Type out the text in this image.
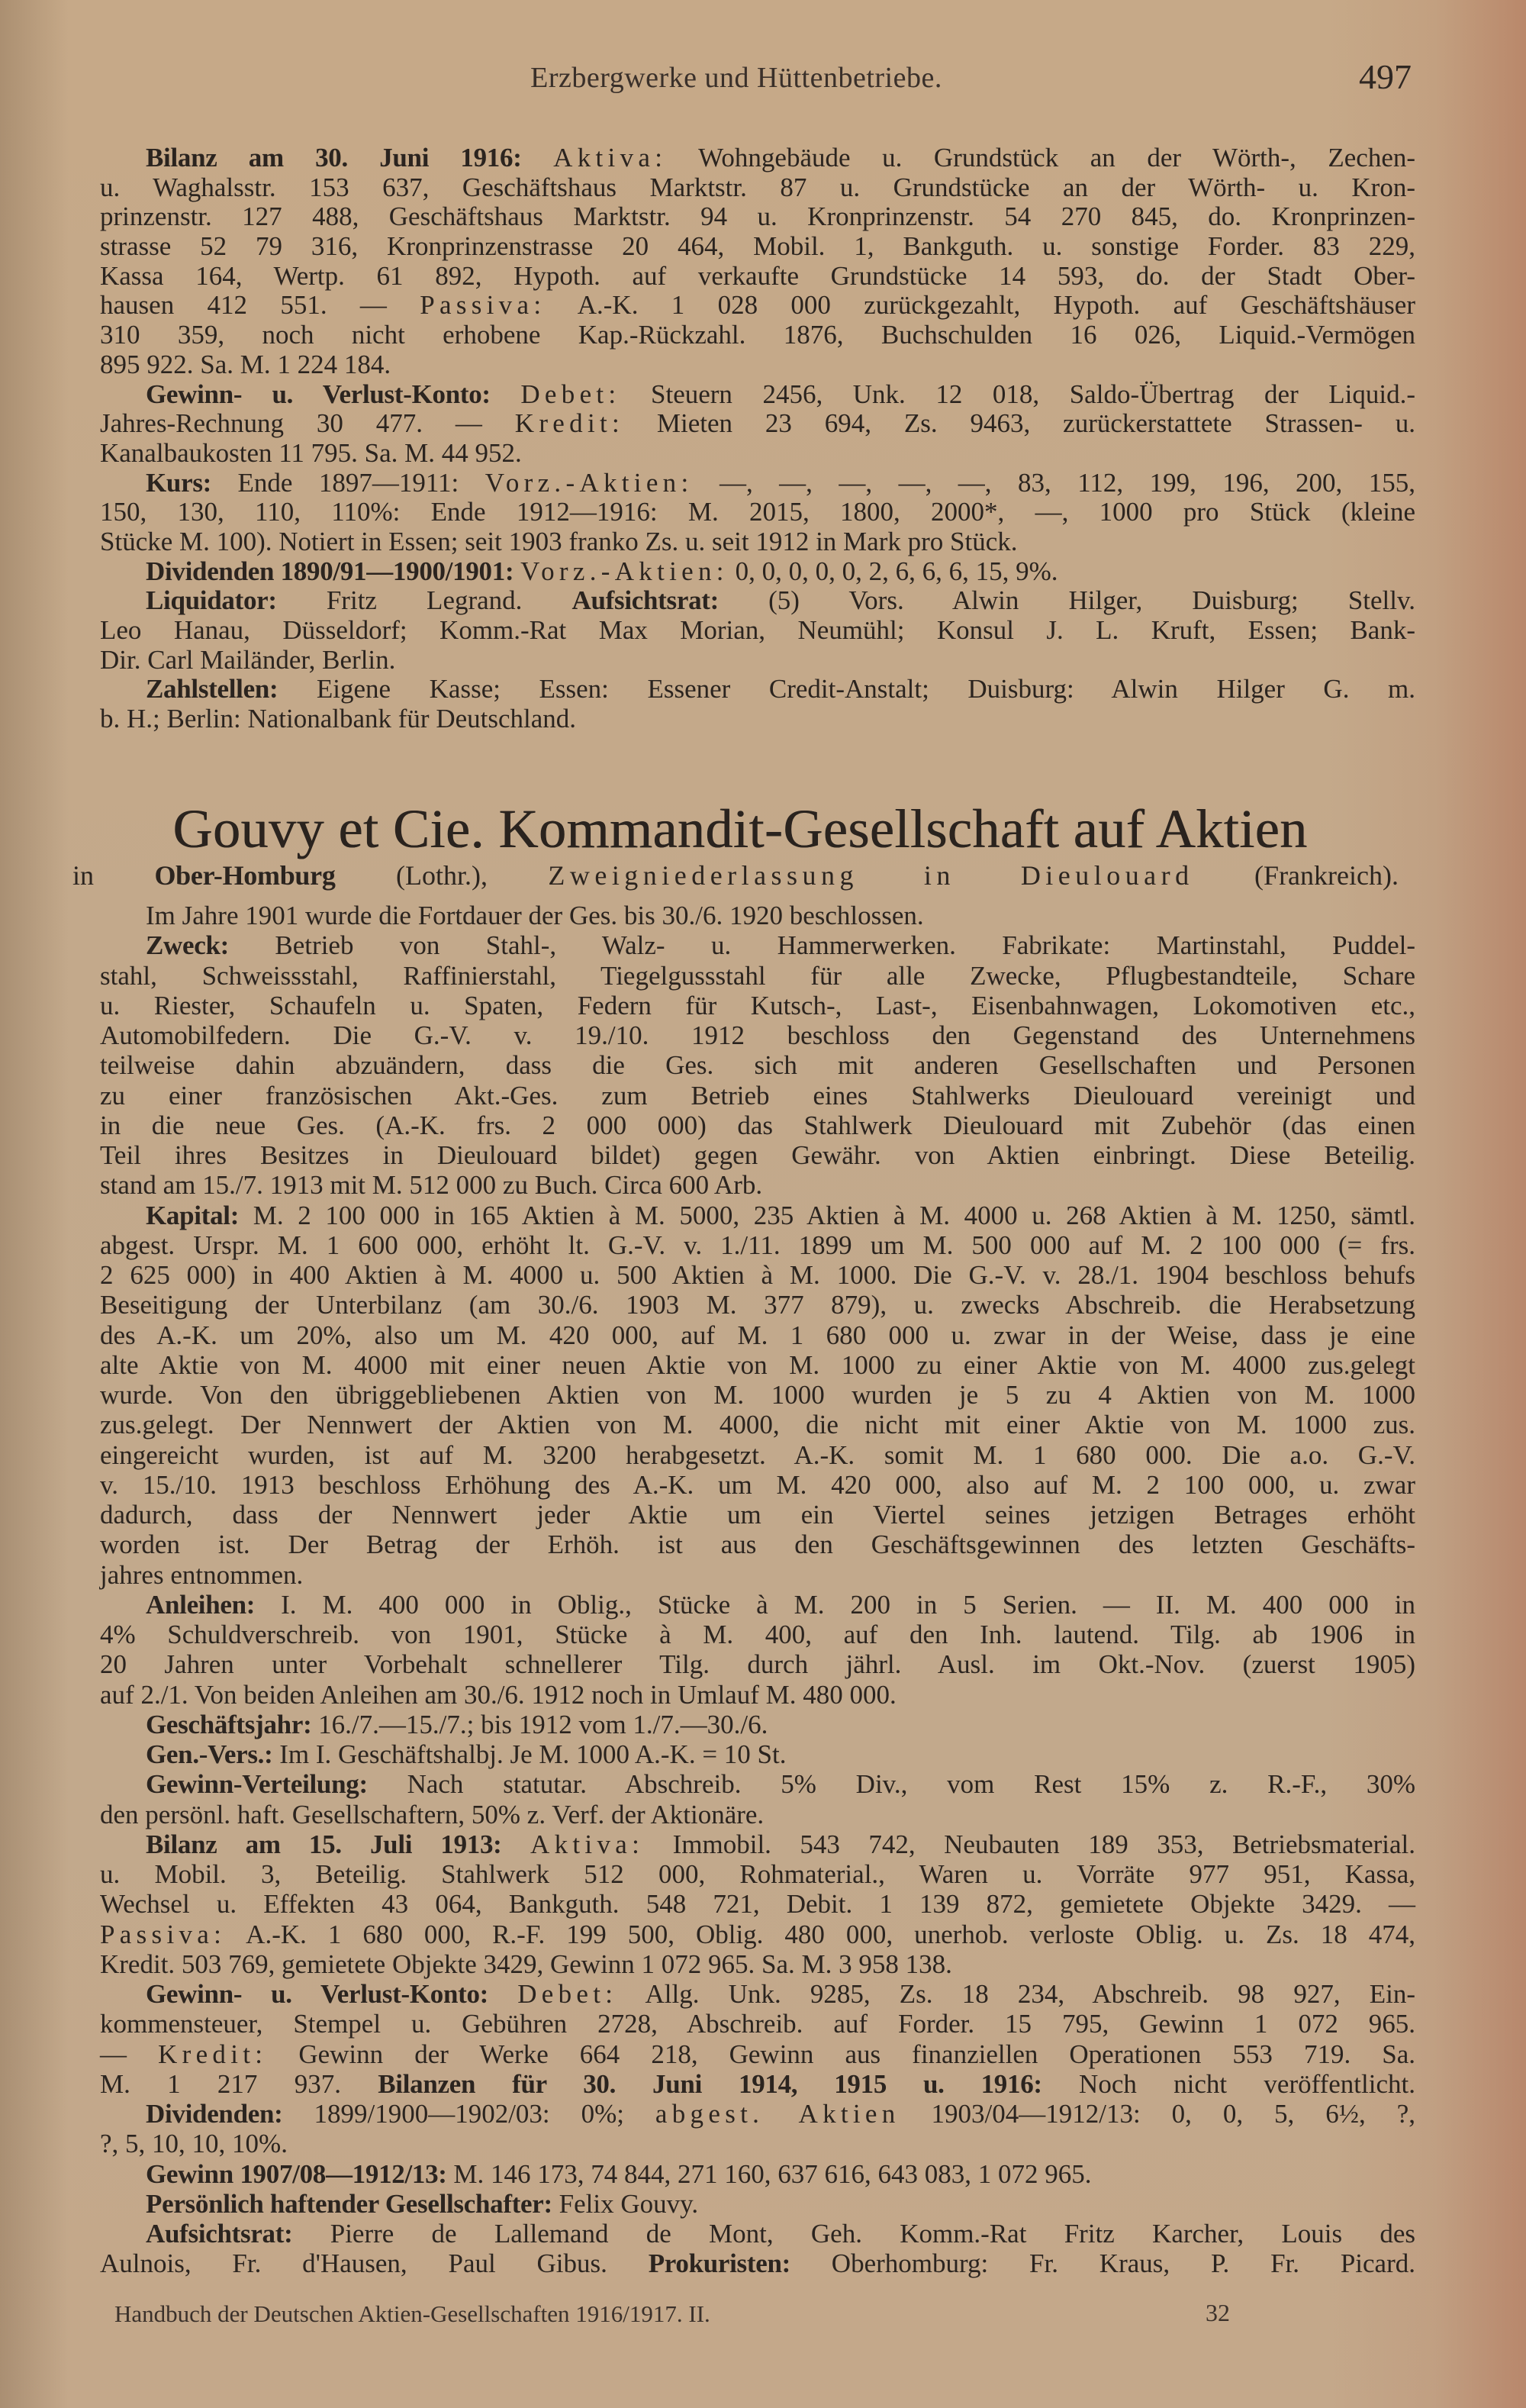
Erzbergwerke und Hüttenbetriebe.	497
Bilanz am 30. Juni 1916: Aktiva: Wohngebäude u. Grundstück an der Wörth-, Zechen-
u. Waghalsstr. 153 637, Geschäftshaus Marktstr. 87 u. Grundstücke an der Wörth- u. Kron-
prinzenstr. 127 488, Geschäftshaus Marktstr. 94 u. Kronprinzenstr. 54 270 845, do. Kronprinzen-
strasse 52 79 316, Kronprinzenstrasse 20 464, Mobil. 1, Bankguth. u. sonstige Forder. 83 229,
Kassa 164, Wertp. 61 892, Hypoth. auf verkaufte Grundstücke 14 593, do. der Stadt Ober-
hausen 412 551. — Passiva: A.-K. 1 028 000 zurückgezahlt, Hypoth. auf Geschäftshäuser
310 359, noch nicht erhobene Kap.-Rückzahl. 1876, Buchschulden 16 026, Liquid.-Vermögen
895 922. Sa. M. 1 224 184.
Gewinn- u. Verlust-Konto: Debet: Steuern 2456, Unk. 12 018, Saldo-Übertrag der Liquid.-
Jahres-Rechnung 30 477. — Kredit: Mieten 23 694, Zs. 9463, zurückerstattete Strassen- u.
Kanalbaukosten 11 795. Sa. M. 44 952.
Kurs: Ende 1897—1911: Vorz.-Aktien: —, —, —, —, —, 83, 112, 199, 196, 200, 155,
150, 130, 110, 110%: Ende 1912—1916: M. 2015, 1800, 2000*, —, 1000 pro Stück (kleine
Stücke M. 100). Notiert in Essen; seit 1903 franko Zs. u. seit 1912 in Mark pro Stück.
Dividenden 1890/91—1900/1901: Vorz.-Aktien: 0, 0, 0, 0, 0, 2, 6, 6, 6, 15, 9%.
Liquidator: Fritz Legrand. Aufsichtsrat: (5) Vors. Alwin Hilger, Duisburg; Stellv.
Leo Hanau, Düsseldorf; Komm.-Rat Max Morian, Neumühl; Konsul J. L. Kruft, Essen; Bank-
Dir. Carl Mailänder, Berlin.
Zahlstellen: Eigene Kasse; Essen: Essener Credit-Anstalt; Duisburg: Alwin Hilger G. m.
b. H.; Berlin: Nationalbank für Deutschland.
Gouvy et Cie. Kommandit-Gesellschaft auf Aktien
in Ober-Homburg (Lothr.), Zweigniederlassung in Dieulouard (Frankreich).
Im Jahre 1901 wurde die Fortdauer der Ges. bis 30./6. 1920 beschlossen.
Zweck: Betrieb von Stahl-, Walz- u. Hammerwerken. Fabrikate: Martinstahl, Puddel-
stahl, Schweissstahl, Raffinierstahl, Tiegelgussstahl für alle Zwecke, Pflugbestandteile, Schare
u. Riester, Schaufeln u. Spaten, Federn für Kutsch-, Last-, Eisenbahnwagen, Lokomotiven etc.,
Automobilfedern. Die G.-V. v. 19./10. 1912 beschloss den Gegenstand des Unternehmens
teilweise dahin abzuändern, dass die Ges. sich mit anderen Gesellschaften und Personen
zu einer französischen Akt.-Ges. zum Betrieb eines Stahlwerks Dieulouard vereinigt und
in die neue Ges. (A.-K. frs. 2 000 000) das Stahlwerk Dieulouard mit Zubehör (das einen
Teil ihres Besitzes in Dieulouard bildet) gegen Gewähr. von Aktien einbringt. Diese Beteilig.
stand am 15./7. 1913 mit M. 512 000 zu Buch. Circa 600 Arb.
Kapital: M. 2 100 000 in 165 Aktien à M. 5000, 235 Aktien à M. 4000 u. 268 Aktien à M. 1250, sämtl.
abgest. Urspr. M. 1 600 000, erhöht lt. G.-V. v. 1./11. 1899 um M. 500 000 auf M. 2 100 000 (= frs.
2 625 000) in 400 Aktien à M. 4000 u. 500 Aktien à M. 1000. Die G.-V. v. 28./1. 1904 beschloss behufs
Beseitigung der Unterbilanz (am 30./6. 1903 M. 377 879), u. zwecks Abschreib. die Herabsetzung
des A.-K. um 20%, also um M. 420 000, auf M. 1 680 000 u. zwar in der Weise, dass je eine
alte Aktie von M. 4000 mit einer neuen Aktie von M. 1000 zu einer Aktie von M. 4000 zus.gelegt
wurde. Von den übriggebliebenen Aktien von M. 1000 wurden je 5 zu 4 Aktien von M. 1000
zus.gelegt. Der Nennwert der Aktien von M. 4000, die nicht mit einer Aktie von M. 1000 zus.
eingereicht wurden, ist auf M. 3200 herabgesetzt. A.-K. somit M. 1 680 000. Die a.o. G.-V.
v. 15./10. 1913 beschloss Erhöhung des A.-K. um M. 420 000, also auf M. 2 100 000, u. zwar
dadurch, dass der Nennwert jeder Aktie um ein Viertel seines jetzigen Betrages erhöht
worden ist. Der Betrag der Erhöh. ist aus den Geschäftsgewinnen des letzten Geschäfts-
jahres entnommen.
Anleihen: I. M. 400 000 in Oblig., Stücke à M. 200 in 5 Serien. — II. M. 400 000 in
4% Schuldverschreib. von 1901, Stücke à M. 400, auf den Inh. lautend. Tilg. ab 1906 in
20 Jahren unter Vorbehalt schnellerer Tilg. durch jährl. Ausl. im Okt.-Nov. (zuerst 1905)
auf 2./1. Von beiden Anleihen am 30./6. 1912 noch in Umlauf M. 480 000.
Geschäftsjahr: 16./7.—15./7.; bis 1912 vom 1./7.—30./6.
Gen.-Vers.: Im I. Geschäftshalbj. Je M. 1000 A.-K. = 10 St.
Gewinn-Verteilung: Nach statutar. Abschreib. 5% Div., vom Rest 15% z. R.-F., 30%
den persönl. haft. Gesellschaftern, 50% z. Verf. der Aktionäre.
Bilanz am 15. Juli 1913: Aktiva: Immobil. 543 742, Neubauten 189 353, Betriebsmaterial.
u. Mobil. 3, Beteilig. Stahlwerk 512 000, Rohmaterial., Waren u. Vorräte 977 951, Kassa,
Wechsel u. Effekten 43 064, Bankguth. 548 721, Debit. 1 139 872, gemietete Objekte 3429. —
Passiva: A.-K. 1 680 000, R.-F. 199 500, Oblig. 480 000, unerhob. verloste Oblig. u. Zs. 18 474,
Kredit. 503 769, gemietete Objekte 3429, Gewinn 1 072 965. Sa. M. 3 958 138.
Gewinn- u. Verlust-Konto: Debet: Allg. Unk. 9285, Zs. 18 234, Abschreib. 98 927, Ein-
kommensteuer, Stempel u. Gebühren 2728, Abschreib. auf Forder. 15 795, Gewinn 1 072 965.
— Kredit: Gewinn der Werke 664 218, Gewinn aus finanziellen Operationen 553 719. Sa.
M. 1 217 937. Bilanzen für 30. Juni 1914, 1915 u. 1916: Noch nicht veröffentlicht.
Dividenden: 1899/1900—1902/03: 0%; abgest. Aktien 1903/04—1912/13: 0, 0, 5, 6½, ?,
?, 5, 10, 10, 10%.
Gewinn 1907/08—1912/13: M. 146 173, 74 844, 271 160, 637 616, 643 083, 1 072 965.
Persönlich haftender Gesellschafter: Felix Gouvy.
Aufsichtsrat: Pierre de Lallemand de Mont, Geh. Komm.-Rat Fritz Karcher, Louis des
Aulnois, Fr. d'Hausen, Paul Gibus. Prokuristen: Oberhomburg: Fr. Kraus, P. Fr. Picard.
Handbuch der Deutschen Aktien-Gesellschaften 1916/1917. II.	32
